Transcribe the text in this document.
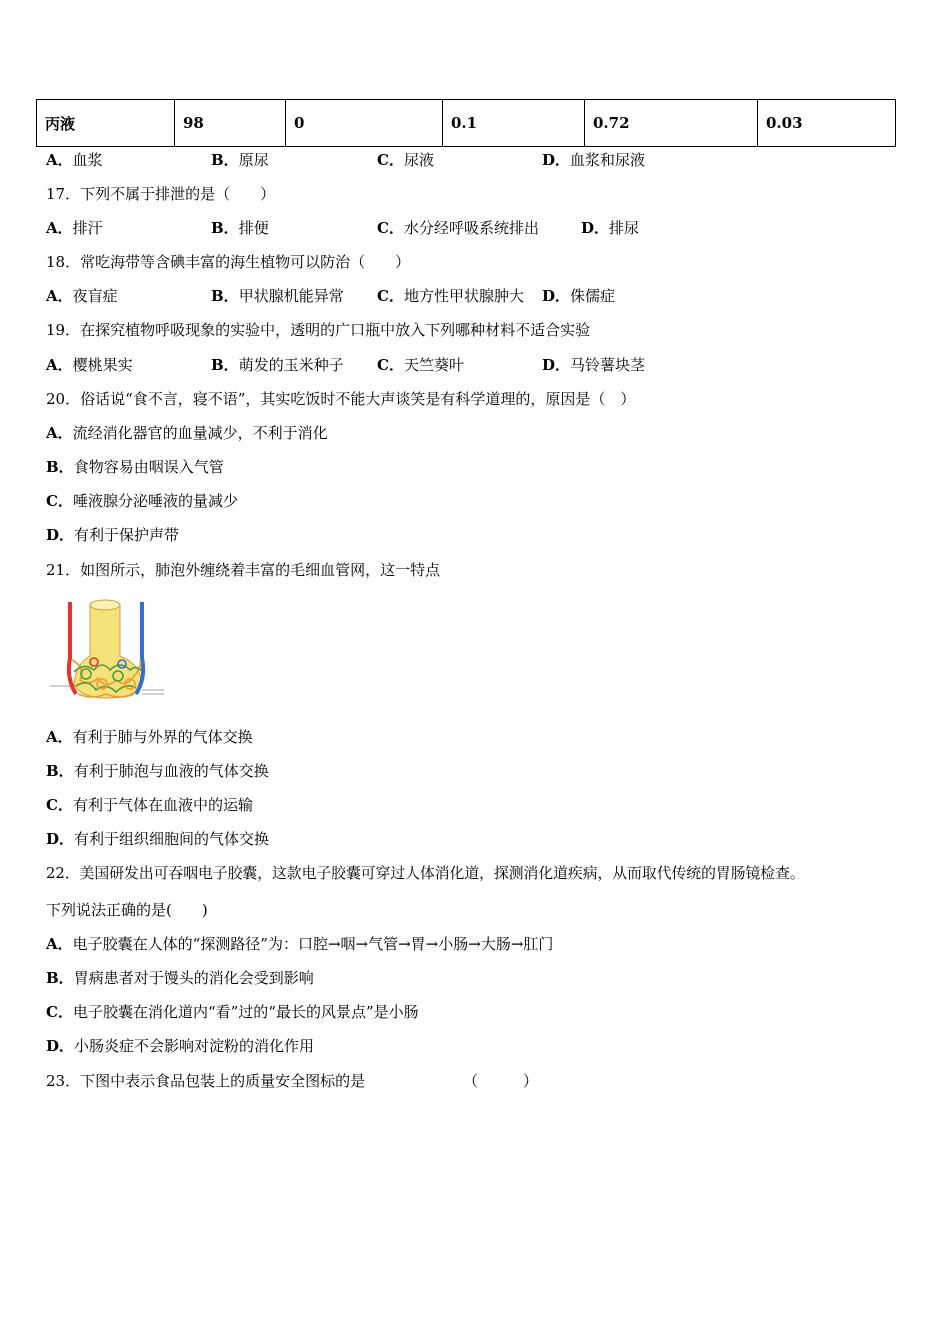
丙液	98	0	0.1	0.72	0.03
A．血浆	B．原尿	C．尿液	D．血浆和尿液
17．下列不属于排泄的是（　　）
A．排汗	B．排便	C．水分经呼吸系统排出	D．排尿
18．常吃海带等含碘丰富的海生植物可以防治（　　）
A．夜盲症	B．甲状腺机能异常 C．地方性甲状腺肿大 D．侏儒症
19．在探究植物呼吸现象的实验中，透明的广口瓶中放入下列哪种材料不适合实验
A．樱桃果实	B．萌发的玉米种子 C．天竺葵叶	D．马铃薯块茎
20．俗话说“食不言，寝不语”，其实吃饭时不能大声谈笑是有科学道理的，原因是（　）
A．流经消化器官的血量减少，不利于消化
B．食物容易由咽误入气管
C．唾液腺分泌唾液的量减少
D．有利于保护声带
21．如图所示，肺泡外缠绕着丰富的毛细血管网，这一特点
A．有利于肺与外界的气体交换
B．有利于肺泡与血液的气体交换
C．有利于气体在血液中的运输
D．有利于组织细胞间的气体交换
22．美国研发出可吞咽电子胶囊，这款电子胶囊可穿过人体消化道，探测消化道疾病，从而取代传统的胃肠镜检查。
下列说法正确的是(　　)
A．电子胶囊在人体的“探测路径”为：口腔→咽→气管→胃→小肠→大肠→肛门
B．胃病患者对于馒头的消化会受到影响
C．电子胶囊在消化道内“看”过的“最长的风景点”是小肠
D．小肠炎症不会影响对淀粉的消化作用
23．下图中表示食品包装上的质量安全图标的是	（　　　）
